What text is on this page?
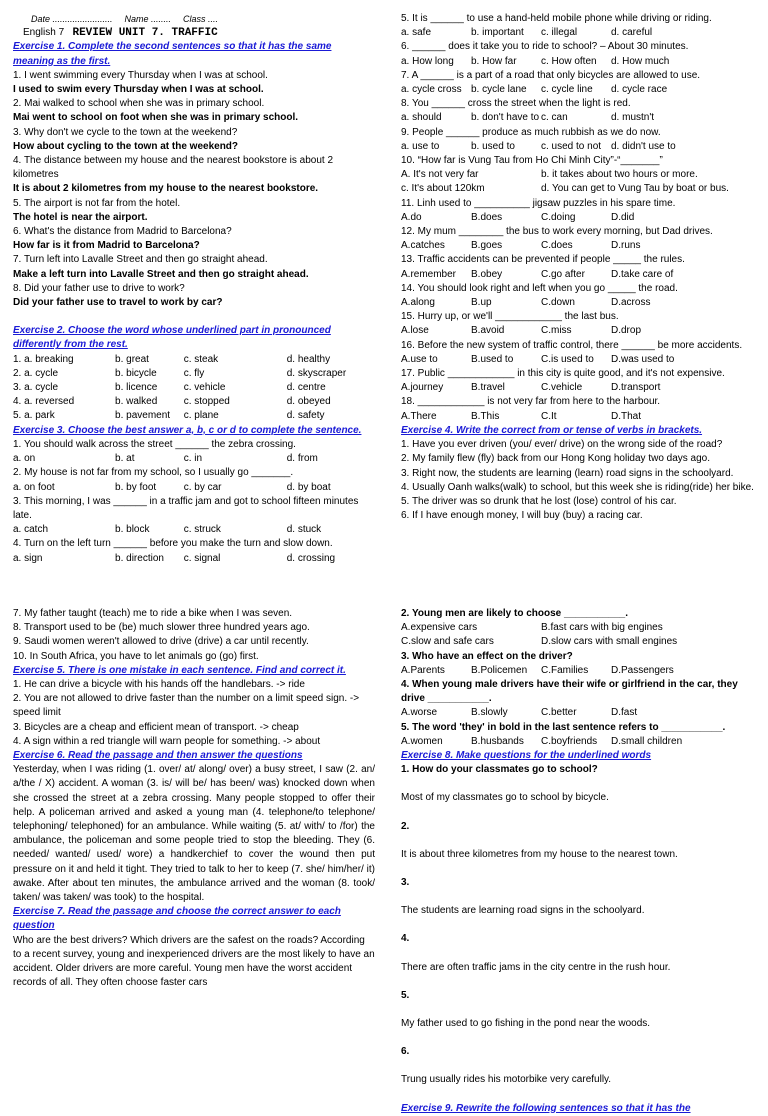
Date ........................ Name ........ Class ....
English 7 REVIEW UNIT 7. TRAFFIC
Exercise 1. Complete the second sentences so that it has the same meaning as the first.
1. I went swimming every Thursday when I was at school.
I used to swim every Thursday when I was at school.
2. Mai walked to school when she was in primary school.
Mai went to school on foot when she was in primary school.
3. Why don't we cycle to the town at the weekend?
How about cycling to the town at the weekend?
4. The distance between my house and the nearest bookstore is about 2 kilometres
It is about 2 kilometres from my house to the nearest bookstore.
5. The airport is not far from the hotel.
The hotel is near the airport.
6. What's the distance from Madrid to Barcelona?
How far is it from Madrid to Barcelona?
7. Turn left into Lavalle Street and then go straight ahead.
Make a left turn into Lavalle Street and then go straight ahead.
8. Did your father use to drive to work?
Did your father use to travel to work by car?
Exercise 2. Choose the word whose underlined part in pronounced differently from the rest.
1. a. breaking	b. great	c. steak	d. healthy
2. a. cycle	b. bicycle	c. fly	d. skyscraper
3. a. cycle	b. licence	c. vehicle	d. centre
4. a. reversed	b. walked	c. stopped	d. obeyed
5. a. park	b. pavement	c. plane	d. safety
Exercise 3. Choose the best answer a, b, c or d to complete the sentence.
1. You should walk across the street ______ the zebra crossing.
a. on	b. at	c. in	d. from
2. My house is not far from my school, so I usually go _______.
a. on foot	b. by foot	c. by car	d. by boat
3. This morning, I was ______ in a traffic jam and got to school fifteen minutes late.
a. catch	b. block	c. struck	d. stuck
4. Turn on the left turn ______ before you make the turn and slow down.
a. sign	b. direction	c. signal	d. crossing
5. It is ______ to use a hand-held mobile phone while driving or riding.
a. safe	b. important	c. illegal	d. careful
6. ______ does it take you to ride to school? – About 30 minutes.
a. How long	b. How far	c. How often	d. How much
7. A ______ is a part of a road that only bicycles are allowed to use.
a. cycle cross b. cycle lane	c. cycle line	d. cycle race
8. You ______ cross the street when the light is red.
a. should	b. don't have to c. can	d. mustn't
9. People ______ produce as much rubbish as we do now.
a. use to	b. used to	c. used to not d. didn't use to
10. “How far is Vung Tau from Ho Chi Minh City”-“_______”
A. It's not very far	b. it takes about two hours or more.
c. It's about 120km	d. You can get to Vung Tau by boat or bus.
11. Linh used to __________ jigsaw puzzles in his spare time.
A.do	B.does	C.doing	D.did
12. My mum ________ the bus to work every morning, but Dad drives.
A.catches	B.goes	C.does	D.runs
13. Traffic accidents can be prevented if people _____ the rules.
A.remember	B.obey	C.go after	D.take care of
14. You should look right and left when you go _____ the road.
A.along	B.up	C.down	D.across
15. Hurry up, or we'll ____________ the last bus.
A.lose	B.avoid	C.miss	D.drop
16. Before the new system of traffic control, there ______ be more accidents.
A.use to	B.used to	C.is used to	D.was used to
17. Public ____________ in this city is quite good, and it's not expensive.
A.journey	B.travel	C.vehicle	D.transport
18. ____________ is not very far from here to the harbour.
A.There	B.This	C.It	D.That
Exercise 4. Write the correct from or tense of verbs in brackets.
1. Have you ever driven (you/ ever/ drive) on the wrong side of the road?
2. My family flew (fly) back from our Hong Kong holiday two days ago.
3. Right now, the students are learning (learn) road signs in the schoolyard.
4. Usually Oanh walks(walk) to school, but this week she is riding(ride) her bike.
5. The driver was so drunk that he lost (lose) control of his car.
6. If I have enough money, I will buy (buy) a racing car.
7. My father taught (teach) me to ride a bike when I was seven.
8. Transport used to be (be) much slower three hundred years ago.
9. Saudi women weren't allowed to drive (drive) a car until recently.
10. In South Africa, you have to let animals go (go) first.
Exercise 5. There is one mistake in each sentence. Find and correct it.
1. He can drive a bicycle with his hands off the handlebars. -> ride
2. You are not allowed to drive faster than the number on a limit speed sign. -> speed limit
3. Bicycles are a cheap and efficient mean of transport. -> cheap
4. A sign within a red triangle will warn people for something. -> about
Exercise 6. Read the passage and then answer the questions
Yesterday, when I was riding (1. over/ at/ along/ over) a busy street, I saw (2. an/ a/the / X) accident. A woman (3. is/ will be/ has been/ was) knocked down when she crossed the street at a zebra crossing. Many people stopped to offer their help. A policeman arrived and asked a young man (4. telephone/to telephone/ telephoning/ telephoned) for an ambulance. While waiting (5. at/ with/ to /for) the ambulance, the policeman and some people tried to stop the bleeding. They (6. needed/ wanted/ used/ wore) a handkerchief to cover the wound then put pressure on it and held it tight. They tried to talk to her to keep (7. she/ him/her/ it) awake. After about ten minutes, the ambulance arrived and the woman (8. took/ taken/ was taken/ was took) to the hospital.
Exercise 7. Read the passage and choose the correct answer to each question
Who are the best drivers? Which drivers are the safest on the roads? According to a recent survey, young and inexperienced drivers are the most likely to have an accident. Older drivers are more careful. Young men have the worst accident records of all. They often choose faster cars
2. Young men are likely to choose ___________.
A.expensive cars	B.fast cars with big engines
C.slow and safe cars	D.slow cars with small engines
3. Who have an effect on the driver?
A.Parents	B.Policemen	C.Families	D.Passengers
4. When young male drivers have their wife or girlfriend in the car, they drive ___________.
A.worse	B.slowly	C.better	D.fast
5. The word 'they' in bold in the last sentence refers to ___________.
A.women	B.husbands	C.boyfriends	D.small children
Exercise 8. Make questions for the underlined words
1. How do your classmates go to school?
Most of my classmates go to school by bicycle.
2.
It is about three kilometres from my house to the nearest town.
3.
The students are learning road signs in the schoolyard.
4.
There are often traffic jams in the city centre in the rush hour.
5.
My father used to go fishing in the pond near the woods.
6.
Trung usually rides his motorbike very carefully.
Exercise 9. Rewrite the following sentences so that it has the
